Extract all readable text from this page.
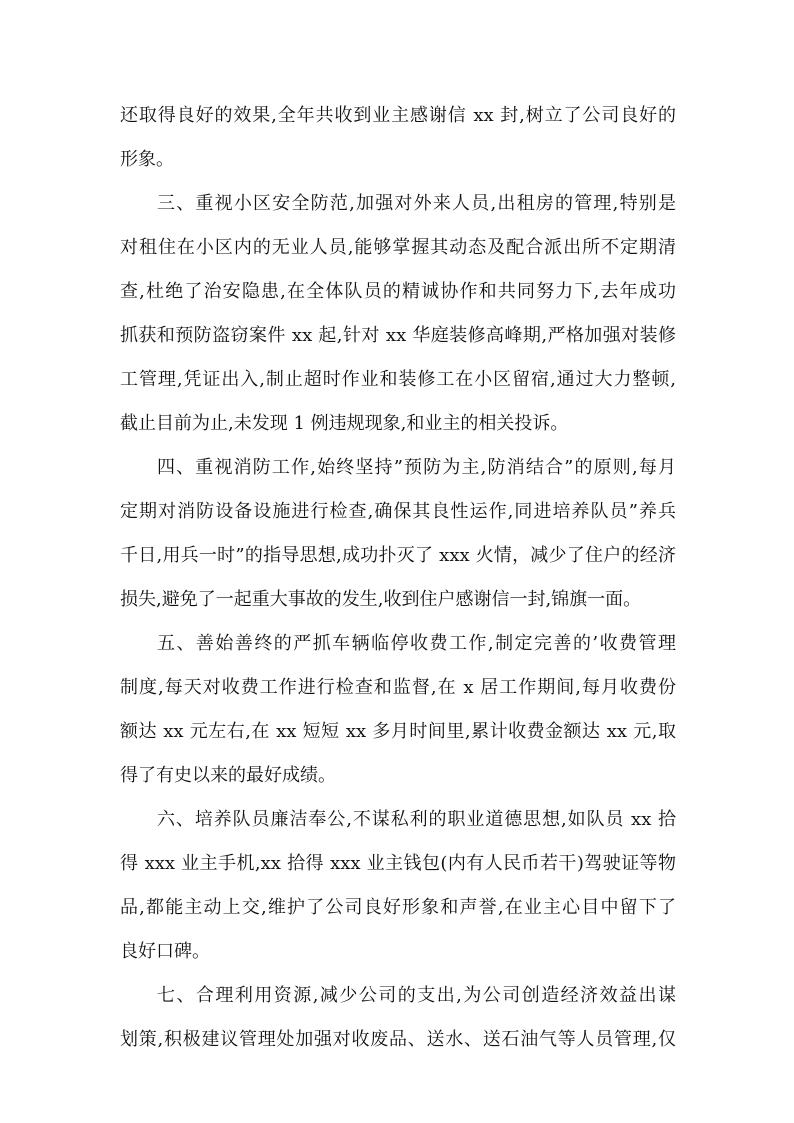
还取得良好的效果,全年共收到业主感谢信 xx 封,树立了公司良好的
形象。
三、重视小区安全防范,加强对外来人员,出租房的管理,特别是
对租住在小区内的无业人员,能够掌握其动态及配合派出所不定期清
查,杜绝了治安隐患,在全体队员的精诚协作和共同努力下,去年成功
抓获和预防盗窃案件 xx 起,针对 xx 华庭装修高峰期,严格加强对装修
工管理,凭证出入,制止超时作业和装修工在小区留宿,通过大力整顿,
截止目前为止,未发现 1 例违规现象,和业主的相关投诉。
四、重视消防工作,始终坚持”预防为主,防消结合”的原则,每月
定期对消防设备设施进行检查,确保其良性运作,同进培养队员”养兵
千日,用兵一时”的指导思想,成功扑灭了 xxx 火情，减少了住户的经济
损失,避免了一起重大事故的发生,收到住户感谢信一封,锦旗一面。
五、善始善终的严抓车辆临停收费工作,制定完善的’收费管理
制度,每天对收费工作进行检查和监督,在 x 居工作期间,每月收费份
额达 xx 元左右,在 xx 短短 xx 多月时间里,累计收费金额达 xx 元,取
得了有史以来的最好成绩。
六、培养队员廉洁奉公,不谋私利的职业道德思想,如队员 xx 拾
得 xxx 业主手机,xx 拾得 xxx 业主钱包(内有人民币若干)驾驶证等物
品,都能主动上交,维护了公司良好形象和声誉,在业主心目中留下了
良好口碑。
七、合理利用资源,减少公司的支出,为公司创造经济效益出谋
划策,积极建议管理处加强对收废品、送水、送石油气等人员管理,仅
